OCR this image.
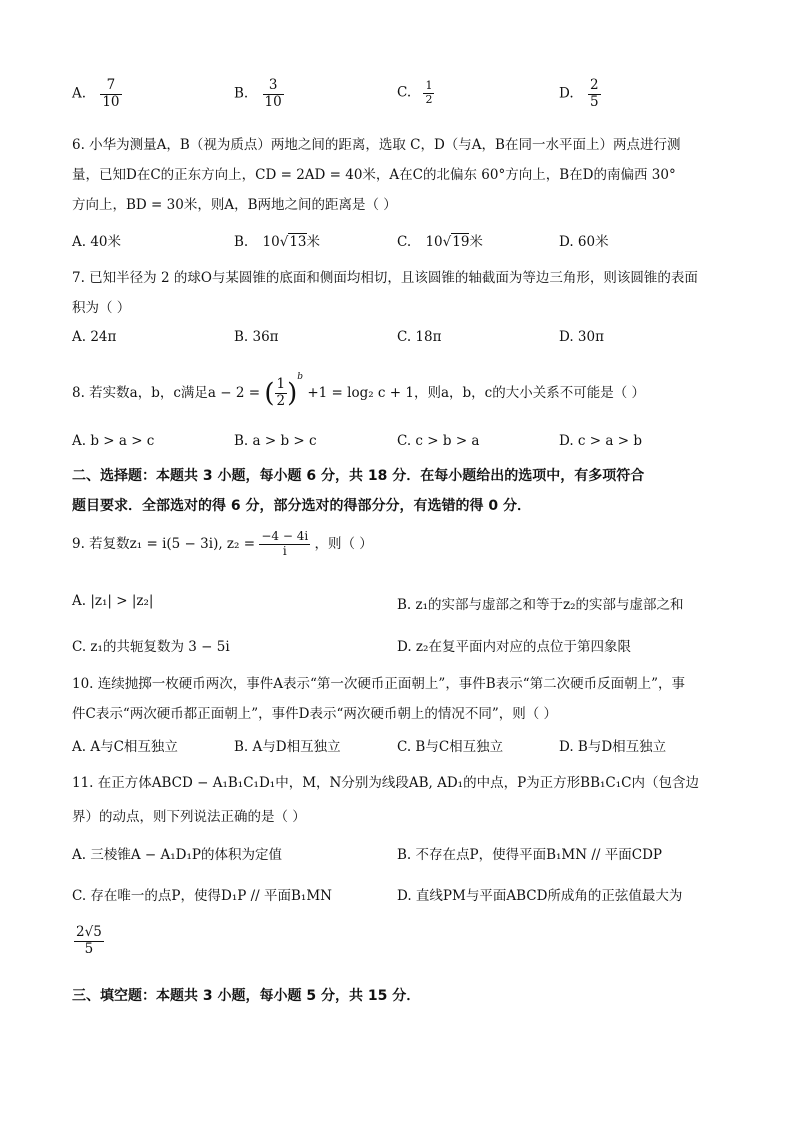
A. $\frac{7}{10}$	B. $\frac{3}{10}$	C. $\frac{1}{2}$	D. $\frac{2}{5}$
6. 小华为测量A，B（视为质点）两地之间的距离，选取 C，D（与A，B在同一水平面上）两点进行测
量，已知D在C的正东方向上，CD = 2AD = 40米，A在C的北偏东 60°方向上，B在D的南偏西 30°
方向上，BD = 30米，则A，B两地之间的距离是（ ）
A. 40米	B. 10√13米	C. 10√19米	D. 60米
7. 已知半径为 2 的球O与某圆锥的底面和侧面均相切，且该圆锥的轴截面为等边三角形，则该圆锥的表面
积为（ ）
A. 24π	B. 36π	C. 18π	D. 30π
8. 若实数a，b，c满足a − 2 = ( $\frac{1}{2} )^b +1 = \log_2$ c + 1，则a，b，c的大小关系不可能是（ ）
A. b > a > c	B. a > b > c	C. c > b > a	D. c > a > b
二、选择题：本题共 3 小题，每小题 6 分，共 18 分．在每小题给出的选项中，有多项符合
题目要求．全部选对的得 6 分，部分选对的得部分分，有选错的得 0 分．
9. 若复数z₁ = i(5 − 3i), $z_2 = \frac{-4 - 4i}{i}$ ，则（ ）
A. |z₁| > |z₂|	B. z₁的实部与虚部之和等于z₂的实部与虚部之和
C. z₁的共轭复数为 3 − 5i	D. z₂在复平面内对应的点位于第四象限
10. 连续抛掷一枚硬币两次，事件A表示“第一次硬币正面朝上”，事件B表示“第二次硬币反面朝上”，事
件C表示“两次硬币都正面朝上”，事件D表示“两次硬币朝上的情况不同”，则（ ）
A. A与C相互独立	B. A与D相互独立	C. B与C相互独立	D. B与D相互独立
11. 在正方体ABCD − A₁B₁C₁D₁中，M，N分别为线段AB, AD₁的中点，P为正方形BB₁C₁C内（包含边
界）的动点，则下列说法正确的是（ ）
A. 三棱锥A − A₁D₁P的体积为定值	B. 不存在点P，使得平面B₁MN // 平面CDP
C. 存在唯一的点P，使得D₁P // 平面B₁MN	D. 直线PM与平面ABCD所成角的正弦值最大为
$\frac{2√5}{5}$
三、填空题：本题共 3 小题，每小题 5 分，共 15 分．
